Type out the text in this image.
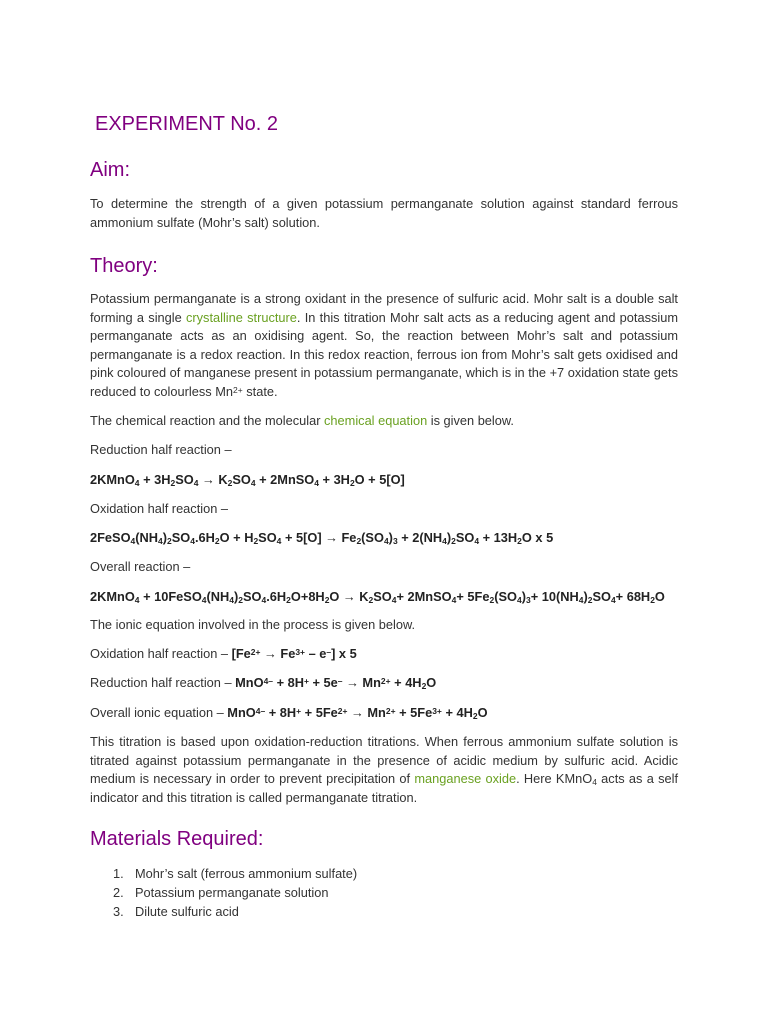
EXPERIMENT No. 2
Aim:

To determine the strength of a given potassium permanganate solution against standard ferrous ammonium sulfate (Mohr’s salt) solution.

Theory:

Potassium permanganate is a strong oxidant in the presence of sulfuric acid. Mohr salt is a double salt forming a single crystalline structure. In this titration Mohr salt acts as a reducing agent and potassium permanganate acts as an oxidising agent. So, the reaction between Mohr’s salt and potassium permanganate is a redox reaction. In this redox reaction, ferrous ion from Mohr’s salt gets oxidised and pink coloured of manganese present in potassium permanganate, which is in the +7 oxidation state gets reduced to colourless $Mn^{2+}$ state.

The chemical reaction and the molecular chemical equation is given below.

Reduction half reaction –

2KMnO$_4$ + $3H_2SO_4 \to K_2SO_4$ + 2MnSO$_4$ + $3H_2O + 5[O]$

Oxidation half reaction –

$2FeSO_4(NH_4)_2SO_4.6H_2O + H_2SO_4 + 5[O] \to Fe_2(SO_4)_3 + 2(NH_4)_2SO_4 + 13H_2O$ x 5

Overall reaction –

2KMnO$_4$ + $10FeSO_4(NH_4)_2SO_4.6H_2O+8H_2O \to K_2SO_4+$ 2MnSO$_4$+ $5Fe_2(SO_4)_3+ 10(NH_4)_2SO_4+ 68H_2O$

The ionic equation involved in the process is given below.

Oxidation half reaction – $[Fe^{2+} \to Fe^{3+} - e^-]$ x 5

Reduction half reaction – $MnO^{4-} + 8H^+ + 5e^- \to Mn^{2+} + 4H_2O$

Overall ionic equation – $MnO^{4-} + 8H^+ + 5Fe^{2+} \to Mn^{2+} + 5Fe^{3+} + 4H_2O$

This titration is based upon oxidation-reduction titrations. When ferrous ammonium sulfate solution is titrated against potassium permanganate in the presence of acidic medium by sulfuric acid. Acidic medium is necessary in order to prevent precipitation of manganese oxide. Here KMnO$_4$ acts as a self indicator and this titration is called permanganate titration.

Materials Required:
1. Mohr’s salt (ferrous ammonium sulfate)
2. Potassium permanganate solution
3. Dilute sulfuric acid
